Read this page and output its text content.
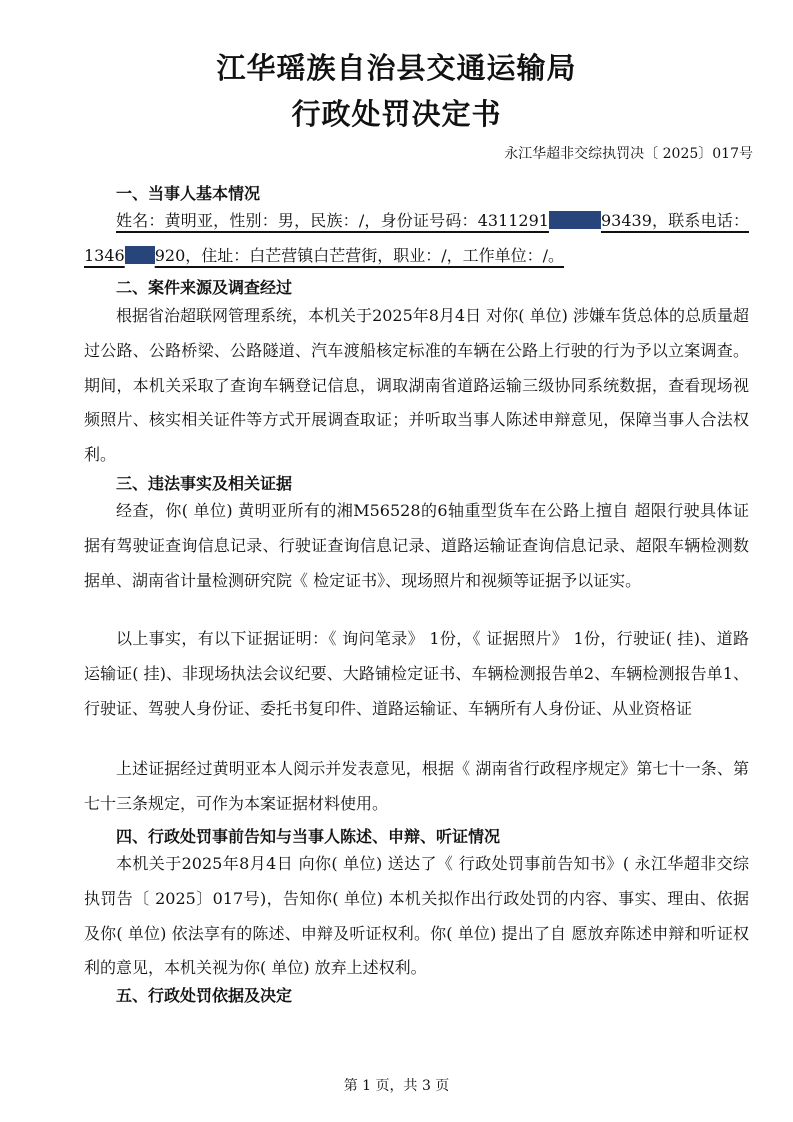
江华瑶族自治县交通运输局
行政处罚决定书
永江华超非交综执罚决〔 2025〕017号
一、当事人基本情况

姓名：黄明亚，性别：男，民族：/，身份证号码：4311291	93439，联系电话：1346 920，住址：白芒营镇白芒营街，职业：/，工作单位：/。

二、案件来源及调查经过

根据省治超联网管理系统，本机关于2025年8月4日 对你( 单位) 涉嫌车货总体的总质量超过公路、公路桥梁、公路隧道、汽车渡船核定标准的车辆在公路上行驶的行为予以立案调查。期间，本机关采取了查询车辆登记信息，调取湖南省道路运输三级协同系统数据，查看现场视频照片、核实相关证件等方式开展调查取证；并听取当事人陈述申辩意见，保障当事人合法权利。

三、违法事实及相关证据

经查，你( 单位) 黄明亚所有的湘M56528的6轴重型货车在公路上擅自 超限行驶具体证据有驾驶证查询信息记录、行驶证查询信息记录、道路运输证查询信息记录、超限车辆检测数据单、湖南省计量检测研究院《 检定证书》、现场照片和视频等证据予以证实。

以上事实，有以下证据证明：《 询问笔录》 1份，《 证据照片》 1份，行驶证( 挂)、道路运输证( 挂)、非现场执法会议纪要、大路铺检定证书、车辆检测报告单2、车辆检测报告单1、行驶证、驾驶人身份证、委托书复印件、道路运输证、车辆所有人身份证、从业资格证

上述证据经过黄明亚本人阅示并发表意见，根据《 湖南省行政程序规定》第七十一条、第七十三条规定，可作为本案证据材料使用。

四、行政处罚事前告知与当事人陈述、申辩、听证情况

本机关于2025年8月4日 向你( 单位) 送达了《 行政处罚事前告知书》( 永江华超非交综执罚告〔 2025〕017号)，告知你( 单位) 本机关拟作出行政处罚的内容、事实、理由、依据及你( 单位) 依法享有的陈述、申辩及听证权利。你( 单位) 提出了自 愿放弃陈述申辩和听证权利的意见，本机关视为你( 单位) 放弃上述权利。

五、行政处罚依据及决定
第 1 页，共 3 页
